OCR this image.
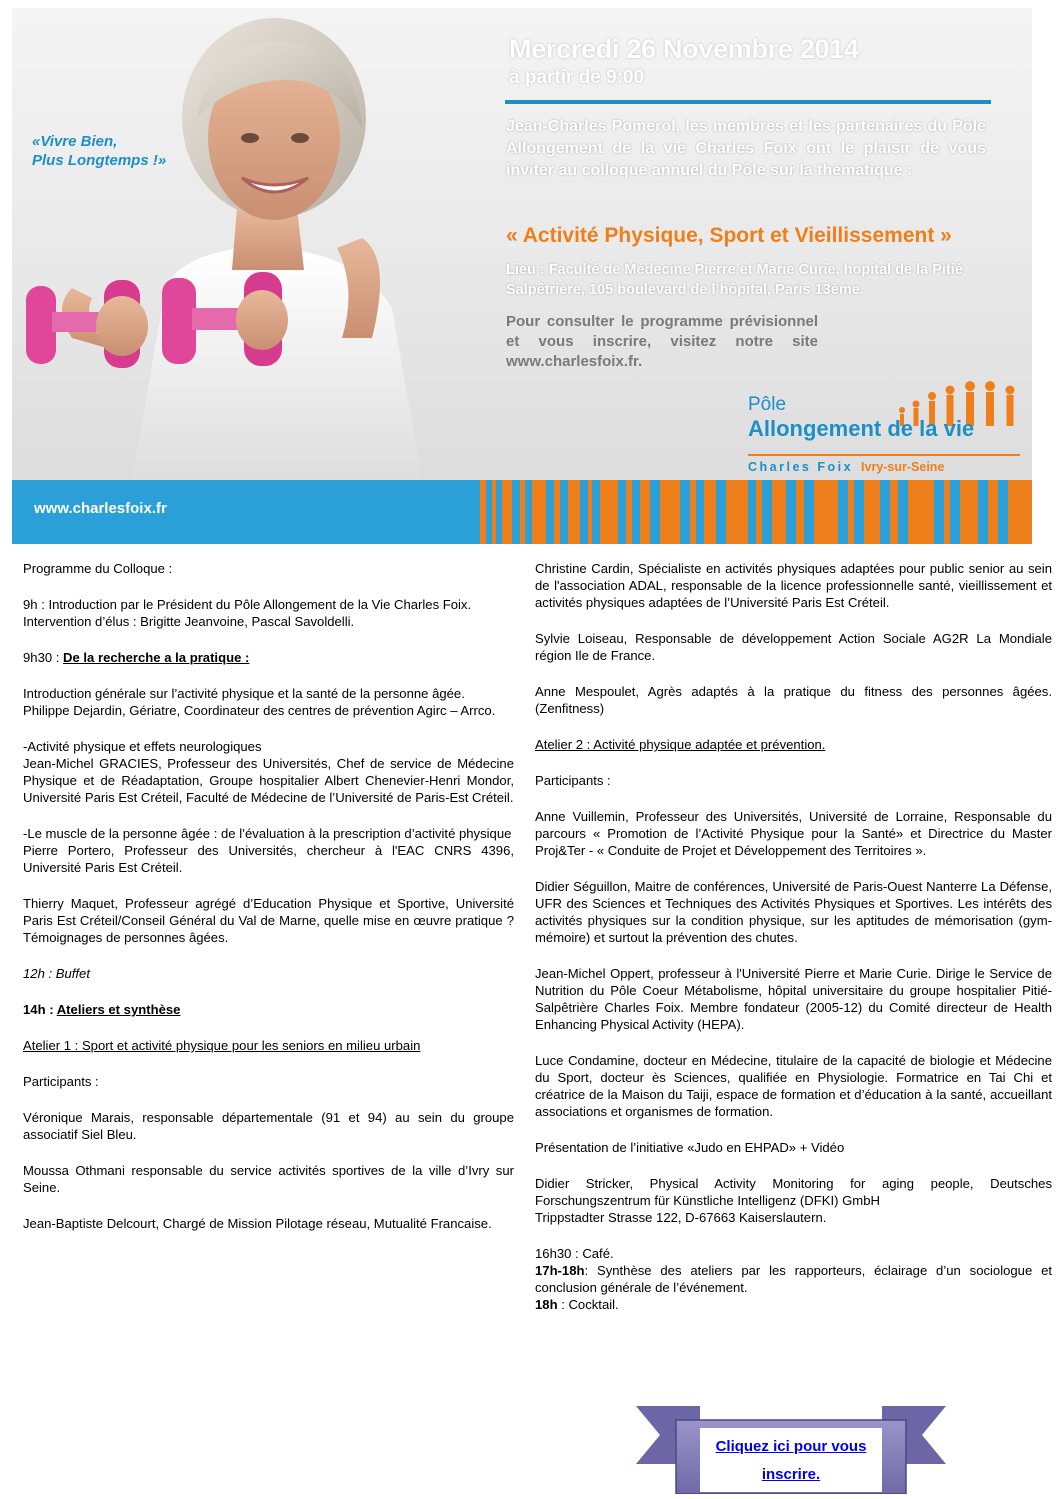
«Vivre Bien,
Plus Longtemps !»
Mercredi 26 Novembre 2014
à partir de 9:00
Jean-Charles Pomerol, les membres et les partenaires du Pôle Allongement de la vie Charles Foix ont le plaisir de vous inviter au colloque annuel du Pôle sur la thématique :
« Activité Physique, Sport et Vieillissement »
Lieu : Faculté de Médecine Pierre et Marie Curie, hopital de la Pitié Salpêtrière, 105 boulevard de l’hôpital, Paris 13ème.
Pour consulter le programme prévisionnel et vous inscrire, visitez notre site www.charlesfoix.fr.
Pôle
Allongement de la vie
Charles Foix Ivry-sur-Seine
www.charlesfoix.fr

Programme du Colloque :

9h : Introduction par le Président du Pôle Allongement de la Vie Charles Foix.
Intervention d’élus : Brigitte Jeanvoine, Pascal Savoldelli.

9h30 : De la recherche a la pratique :

Introduction générale sur l’activité physique et la santé de la personne âgée.
Philippe Dejardin, Gériatre, Coordinateur des centres de prévention Agirc – Arrco.

-Activité physique et effets neurologiques
Jean-Michel GRACIES, Professeur des Universités, Chef de service de Médecine Physique et de Réadaptation, Groupe hospitalier Albert Chenevier-Henri Mondor, Université Paris Est Créteil, Faculté de Médecine de l’Université de Paris-Est Créteil.

-Le muscle de la personne âgée : de l’évaluation à la prescription d’activité physique
Pierre Portero, Professeur des Universités, chercheur à l'EAC CNRS 4396, Université Paris Est Créteil.

Thierry Maquet, Professeur agrégé d’Education Physique et Sportive, Université Paris Est Créteil/Conseil Général du Val de Marne, quelle mise en œuvre pratique ? Témoignages de personnes âgées.

12h : Buffet

14h : Ateliers et synthèse

Atelier 1 : Sport et activité physique pour les seniors en milieu urbain

Participants :

Véronique Marais, responsable départementale (91 et 94) au sein du groupe associatif Siel Bleu.

Moussa Othmani responsable du service activités sportives de la ville d’Ivry sur Seine.

Jean-Baptiste Delcourt, Chargé de Mission Pilotage réseau, Mutualité Francaise.

Christine Cardin, Spécialiste en activités physiques adaptées pour public senior au sein de l'association ADAL, responsable de la licence professionnelle santé, vieillissement et activités physiques adaptées de l’Université Paris Est Créteil.

Sylvie Loiseau, Responsable de développement Action Sociale AG2R La Mondiale région Ile de France.

Anne Mespoulet, Agrès adaptés à la pratique du fitness des personnes âgées. (Zenfitness)

Atelier 2 : Activité physique adaptée et prévention.

Participants :

Anne Vuillemin, Professeur des Universités, Université de Lorraine, Responsable du parcours « Promotion de l’Activité Physique pour la Santé» et Directrice du Master Proj&Ter - « Conduite de Projet et Développement des Territoires ».

Didier Séguillon, Maitre de conférences, Université de Paris-Ouest Nanterre La Défense, UFR des Sciences et Techniques des Activités Physiques et Sportives. Les intérêts des activités physiques sur la condition physique, sur les aptitudes de mémorisation (gym-mémoire) et surtout la prévention des chutes.

Jean-Michel Oppert, professeur à l'Université Pierre et Marie Curie. Dirige le Service de Nutrition du Pôle Coeur Métabolisme, hôpital universitaire du groupe hospitalier Pitié-Salpêtrière Charles Foix. Membre fondateur (2005-12) du Comité directeur de Health Enhancing Physical Activity (HEPA).

Luce Condamine, docteur en Médecine, titulaire de la capacité de biologie et Médecine du Sport, docteur ès Sciences, qualifiée en Physiologie. Formatrice en Tai Chi et créatrice de la Maison du Taiji, espace de formation et d’éducation à la santé, accueillant associations et organismes de formation.

Présentation de l’initiative «Judo en EHPAD» + Vidéo

Didier Stricker, Physical Activity Monitoring for aging people, Deutsches Forschungszentrum für Künstliche Intelligenz (DFKI) GmbH
Trippstadter Strasse 122, D-67663 Kaiserslautern.

16h30 : Café.
17h-18h: Synthèse des ateliers par les rapporteurs, éclairage d’un sociologue et conclusion générale de l’événement.
18h : Cocktail.

Cliquez ici pour vous inscrire.
